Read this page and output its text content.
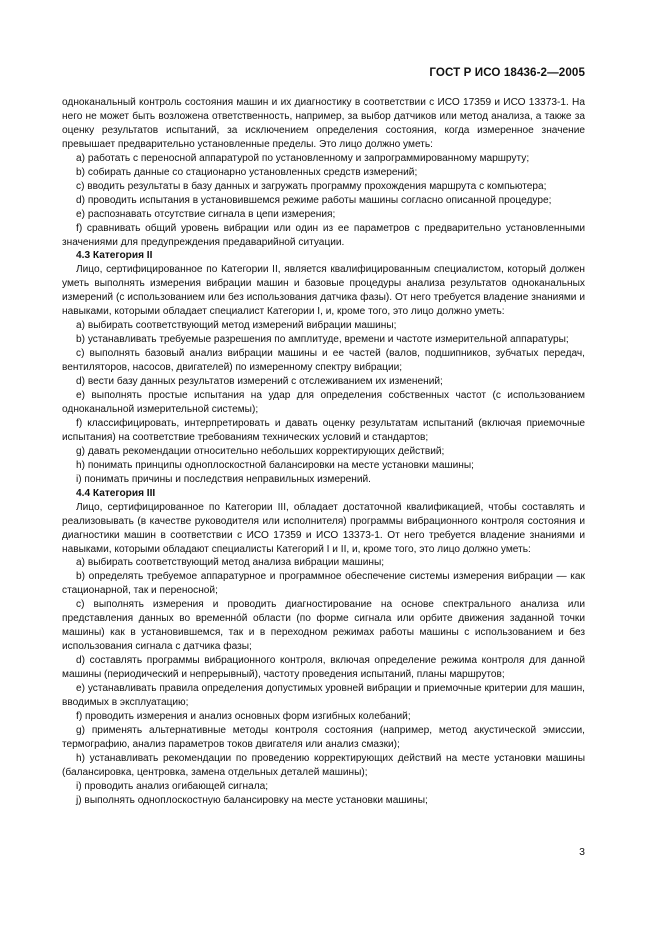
ГОСТ Р ИСО 18436-2—2005

одноканальный контроль состояния машин и их диагностику в соответствии с ИСО 17359 и ИСО 13373-1. На него не может быть возложена ответственность, например, за выбор датчиков или метод анализа, а также за оценку результатов испытаний, за исключением определения состояния, когда измеренное значение превышает предварительно установленные пределы. Это лицо должно уметь:

a) работать с переносной аппаратурой по установленному и запрограммированному маршруту;

b) собирать данные со стационарно установленных средств измерений;

c) вводить результаты в базу данных и загружать программу прохождения маршрута с компьютера;

d) проводить испытания в установившемся режиме работы машины согласно описанной процедуре;

e) распознавать отсутствие сигнала в цепи измерения;

f) сравнивать общий уровень вибрации или один из ее параметров с предварительно установленными значениями для предупреждения предаварийной ситуации.

4.3 Категория II

Лицо, сертифицированное по Категории II, является квалифицированным специалистом, который должен уметь выполнять измерения вибрации машин и базовые процедуры анализа результатов одноканальных измерений (с использованием или без использования датчика фазы). От него требуется владение знаниями и навыками, которыми обладает специалист Категории I, и, кроме того, это лицо должно уметь:

a) выбирать соответствующий метод измерений вибрации машины;

b) устанавливать требуемые разрешения по амплитуде, времени и частоте измерительной аппаратуры;

c) выполнять базовый анализ вибрации машины и ее частей (валов, подшипников, зубчатых передач, вентиляторов, насосов, двигателей) по измеренному спектру вибрации;

d) вести базу данных результатов измерений с отслеживанием их изменений;

e) выполнять простые испытания на удар для определения собственных частот (с использованием одноканальной измерительной системы);

f) классифицировать, интерпретировать и давать оценку результатам испытаний (включая приемочные испытания) на соответствие требованиям технических условий и стандартов;

g) давать рекомендации относительно небольших корректирующих действий;

h) понимать принципы одноплоскостной балансировки на месте установки машины;

i) понимать причины и последствия неправильных измерений.

4.4 Категория III

Лицо, сертифицированное по Категории III, обладает достаточной квалификацией, чтобы составлять и реализовывать (в качестве руководителя или исполнителя) программы вибрационного контроля состояния и диагностики машин в соответствии с ИСО 17359 и ИСО 13373-1. От него требуется владение знаниями и навыками, которыми обладают специалисты Категорий I и II, и, кроме того, это лицо должно уметь:

a) выбирать соответствующий метод анализа вибрации машины;

b) определять требуемое аппаратурное и программное обеспечение системы измерения вибрации — как стационарной, так и переносной;

c) выполнять измерения и проводить диагностирование на основе спектрального анализа или представления данных во временно́й области (по форме сигнала или орбите движения заданной точки машины) как в установившемся, так и в переходном режимах работы машины с использованием и без использования сигнала с датчика фазы;

d) составлять программы вибрационного контроля, включая определение режима контроля для данной машины (периодический и непрерывный), частоту проведения испытаний, планы маршрутов;

e) устанавливать правила определения допустимых уровней вибрации и приемочные критерии для машин, вводимых в эксплуатацию;

f) проводить измерения и анализ основных форм изгибных колебаний;

g) применять альтернативные методы контроля состояния (например, метод акустической эмиссии, термографию, анализ параметров токов двигателя или анализ смазки);

h) устанавливать рекомендации по проведению корректирующих действий на месте установки машины (балансировка, центровка, замена отдельных деталей машины);

i) проводить анализ огибающей сигнала;

j) выполнять одноплоскостную балансировку на месте установки машины;

3
